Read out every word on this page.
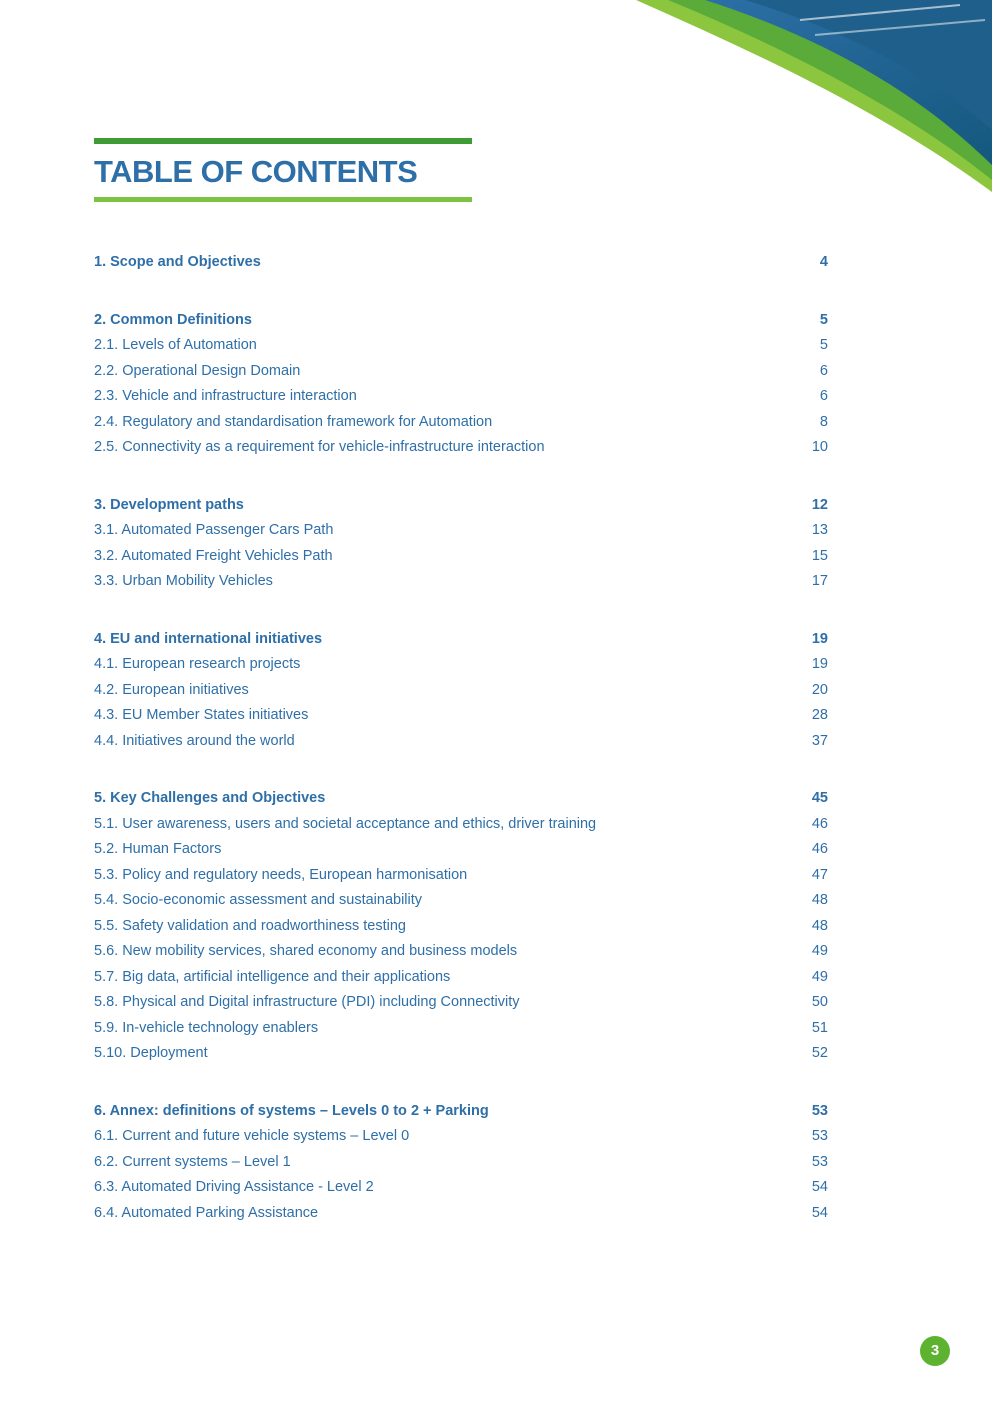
TABLE OF CONTENTS
1. Scope and Objectives	4
2. Common Definitions	5
2.1. Levels of Automation	5
2.2. Operational Design Domain	6
2.3. Vehicle and infrastructure interaction	6
2.4. Regulatory and standardisation framework for Automation	8
2.5. Connectivity as a requirement for vehicle-infrastructure interaction	10
3. Development paths	12
3.1. Automated Passenger Cars Path	13
3.2. Automated Freight Vehicles Path	15
3.3. Urban Mobility Vehicles	17
4. EU and international initiatives	19
4.1. European research projects	19
4.2. European initiatives	20
4.3. EU Member States initiatives	28
4.4. Initiatives around the world	37
5. Key Challenges and Objectives	45
5.1. User awareness, users and societal acceptance and ethics, driver training	46
5.2. Human Factors	46
5.3. Policy and regulatory needs, European harmonisation	47
5.4. Socio-economic assessment and sustainability	48
5.5. Safety validation and roadworthiness testing	48
5.6. New mobility services, shared economy and business models	49
5.7. Big data, artificial intelligence and their applications	49
5.8. Physical and Digital infrastructure (PDI) including Connectivity	50
5.9. In-vehicle technology enablers	51
5.10. Deployment	52
6. Annex: definitions of systems – Levels 0 to 2 + Parking	53
6.1. Current and future vehicle systems – Level 0	53
6.2. Current systems – Level 1	53
6.3. Automated Driving Assistance - Level 2	54
6.4. Automated Parking Assistance	54
3
